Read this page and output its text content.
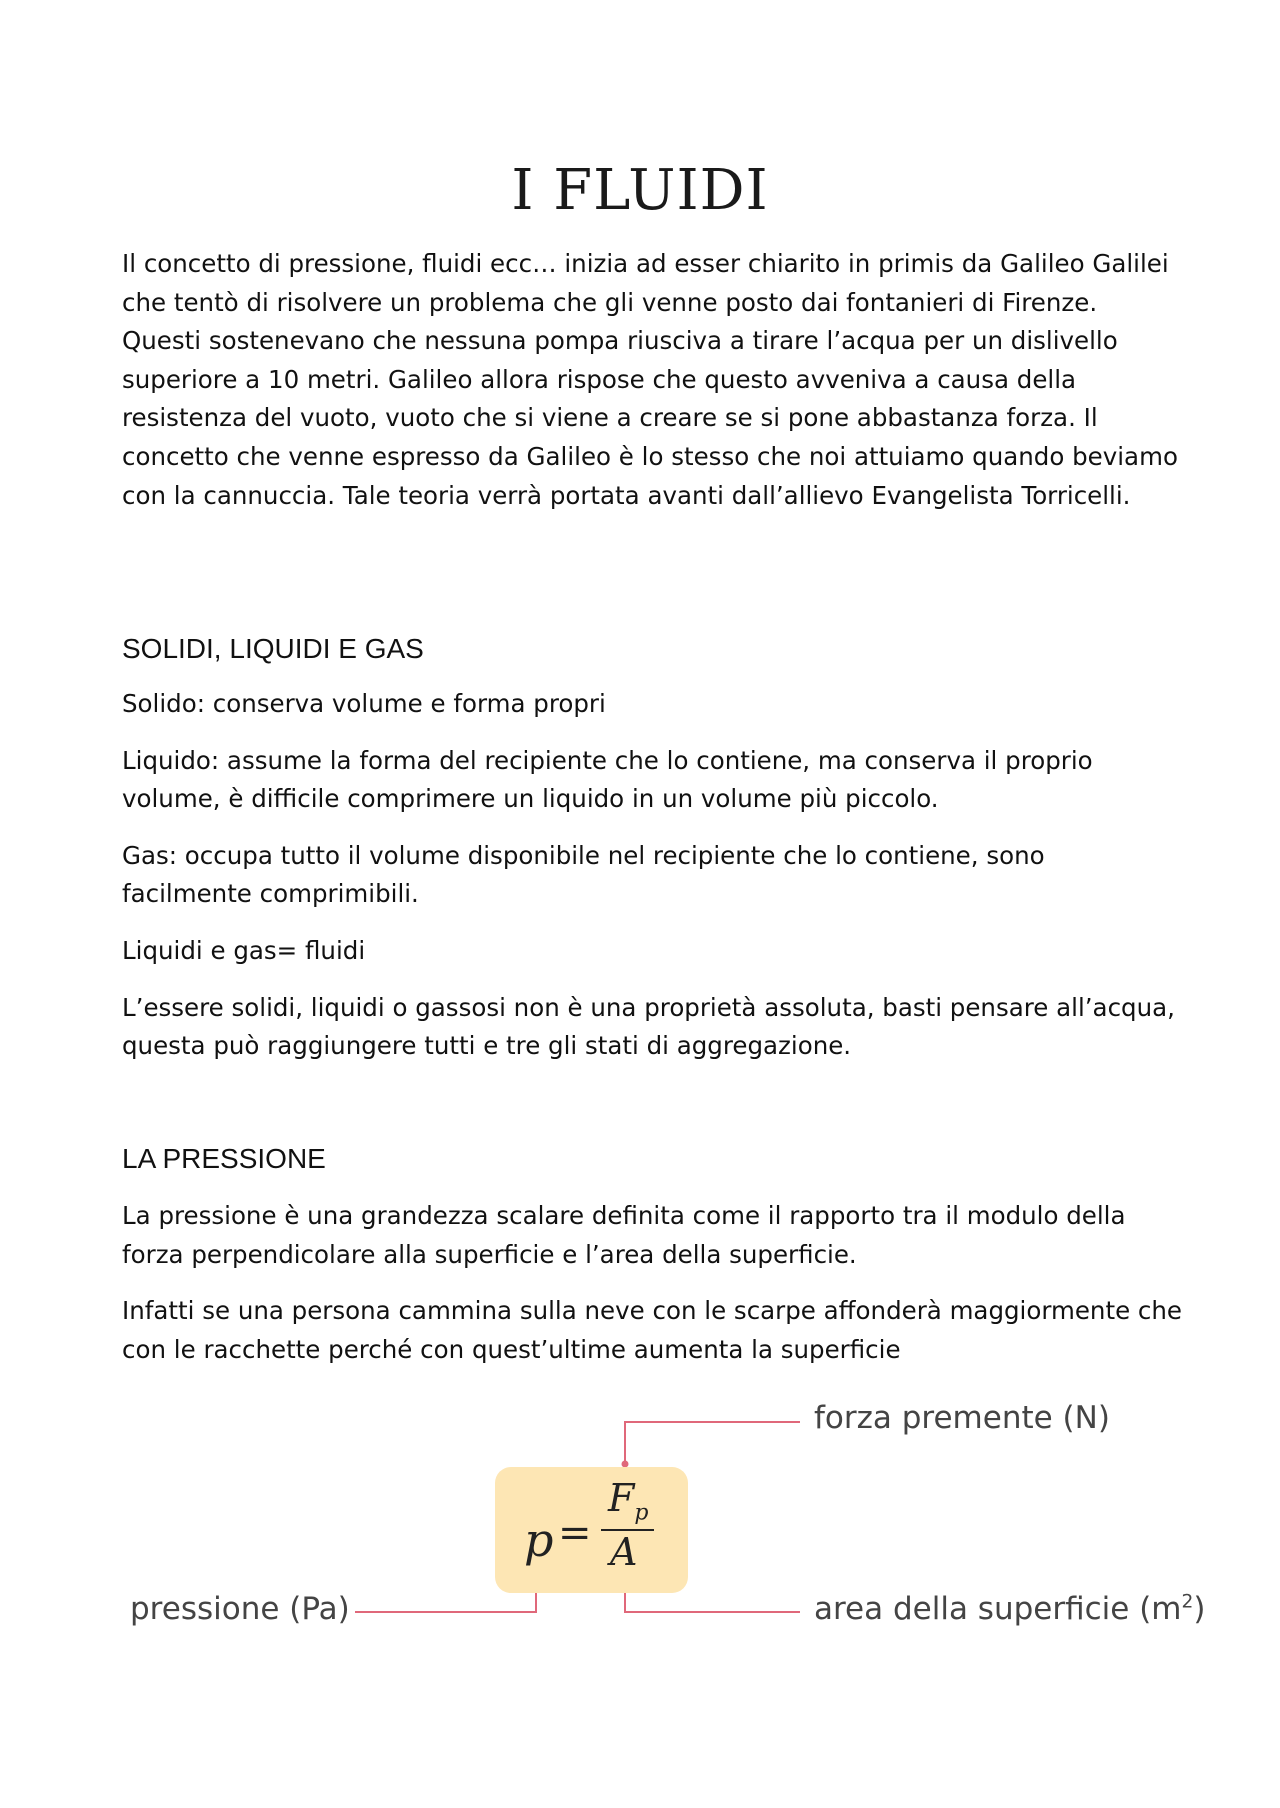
I FLUIDI

Il concetto di pressione, fluidi ecc… inizia ad esser chiarito in primis da Galileo Galilei che tentò di risolvere un problema che gli venne posto dai fontanieri di Firenze. Questi sostenevano che nessuna pompa riusciva a tirare l’acqua per un dislivello superiore a 10 metri. Galileo allora rispose che questo avveniva a causa della resistenza del vuoto, vuoto che si viene a creare se si pone abbastanza forza. Il concetto che venne espresso da Galileo è lo stesso che noi attuiamo quando beviamo con la cannuccia. Tale teoria verrà portata avanti dall’allievo Evangelista Torricelli.

SOLIDI, LIQUIDI E GAS

Solido: conserva volume e forma propri

Liquido: assume la forma del recipiente che lo contiene, ma conserva il proprio volume, è difficile comprimere un liquido in un volume più piccolo.

Gas: occupa tutto il volume disponibile nel recipiente che lo contiene, sono facilmente comprimibili.

Liquidi e gas= fluidi

L’essere solidi, liquidi o gassosi non è una proprietà assoluta, basti pensare all’acqua, questa può raggiungere tutti e tre gli stati di aggregazione.

LA PRESSIONE

La pressione è una grandezza scalare definita come il rapporto tra il modulo della forza perpendicolare alla superficie e l’area della superficie.

Infatti se una persona cammina sulla neve con le scarpe affonderà maggiormente che con le racchette perché con quest’ultime aumenta la superficie

p =
$F_p$
A
forza premente (N)
pressione (Pa)	area della superficie $(m^2)$
